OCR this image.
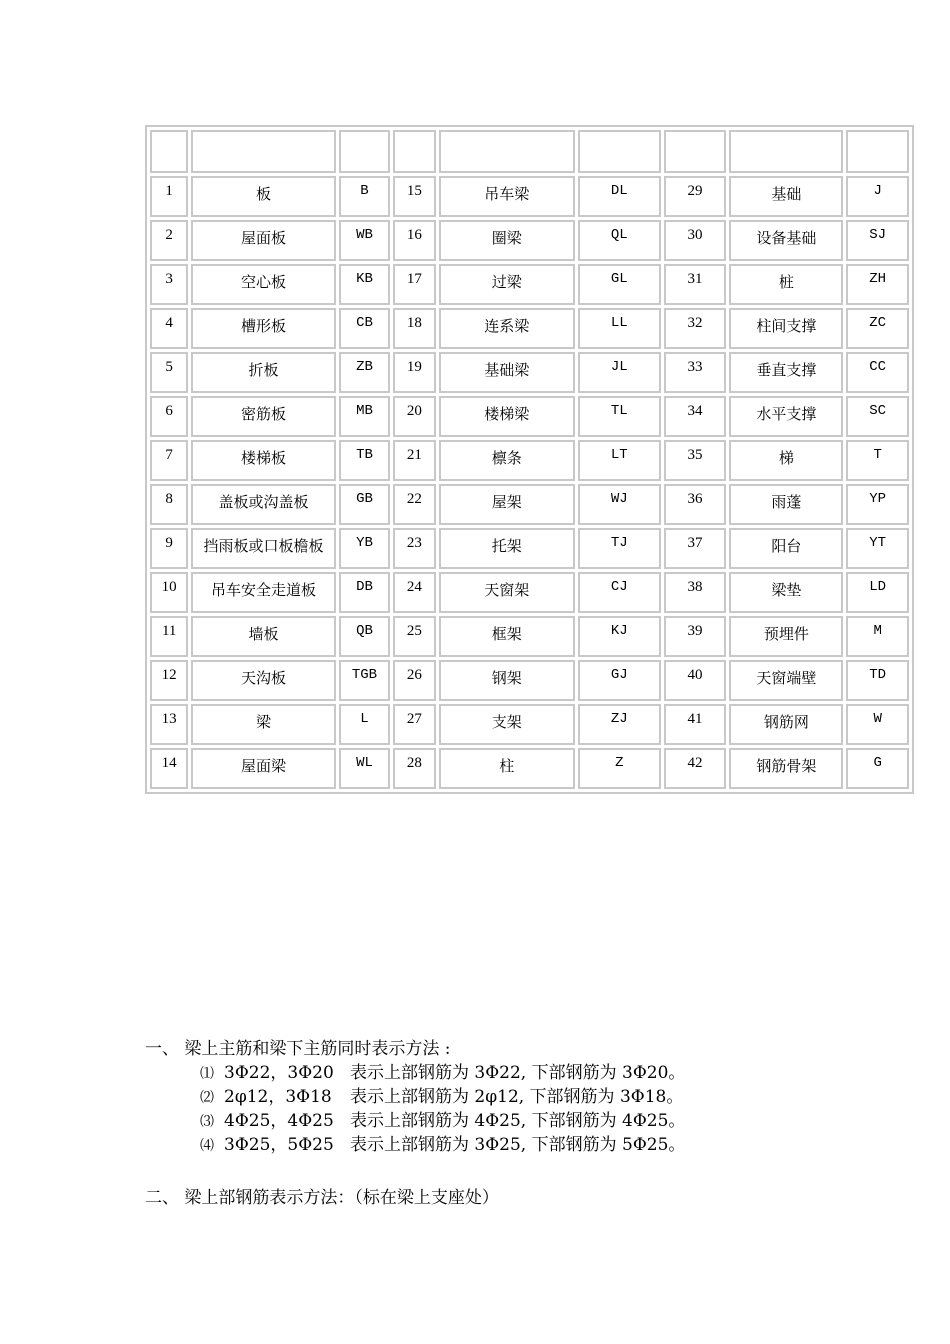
1	板	B	15	吊车梁	DL	29	基础	J
2	屋面板	WB	16	圈梁	QL	30	设备基础	SJ
3	空心板	KB	17	过梁	GL	31	桩	ZH
4	槽形板	CB	18	连系梁	LL	32	柱间支撑	ZC
5	折板	ZB	19	基础梁	JL	33	垂直支撑	CC
6	密筋板	MB	20	楼梯梁	TL	34	水平支撑	SC
7	楼梯板	TB	21	檩条	LT	35	梯	T
8	盖板或沟盖板	GB	22	屋架	WJ	36	雨蓬	YP
9	挡雨板或口板檐板	YB	23	托架	TJ	37	阳台	YT
10	吊车安全走道板	DB	24	天窗架	CJ	38	梁垫	LD
11	墙板	QB	25	框架	KJ	39	预埋件	M
12	天沟板	TGB	26	钢架	GJ	40	天窗端壁	TD
13	梁	L	27	支架	ZJ	41	钢筋网	W
14	屋面梁	WL	28	柱	Z	42	钢筋骨架	G
一、 梁上主筋和梁下主筋同时表示方法 :
⑴ 3Φ22，3Φ20 表示上部钢筋为 3Φ22, 下部钢筋为 3Φ20。
⑵ 2φ12，3Φ18 表示上部钢筋为 2φ12, 下部钢筋为 3Φ18。
⑶ 4Φ25，4Φ25 表示上部钢筋为 4Φ25, 下部钢筋为 4Φ25。
⑷ 3Φ25，5Φ25 表示上部钢筋为 3Φ25, 下部钢筋为 5Φ25。
二、 梁上部钢筋表示方法：（标在梁上支座处）
